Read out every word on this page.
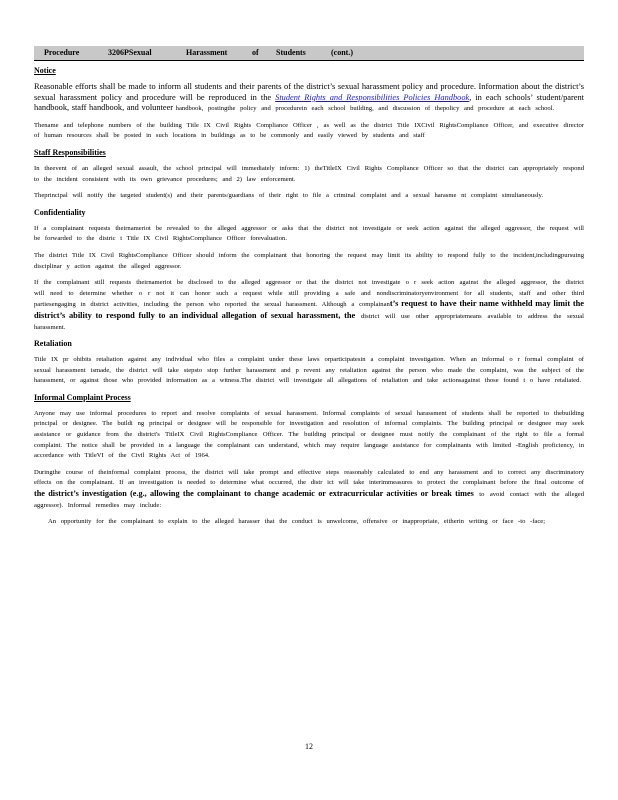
Procedure	3206PSexual	Harassment	of Students	(cont.)
Notice

Reasonable efforts shall be made to inform all students and their parents of the district’s sexual harassment policy and procedure. Information about the district’s sexual harassment policy and procedure will be reproduced in the Student Rights and Responsibilities Policies Handbook, in each schools’ student/parent handbook, staff handbook, and volunteer handbook, postingthe policy and procedurein each school building, and discussion of thepolicy and procedure at each school.

Thename and telephone numbers of the building Title IX Civil Rights Compliance Officer , as well as the district Title IXCivil RightsCompliance Officer, and executive director of human resources shall be posted in such locations in buildings as to be commonly and easily viewed by students and staff

Staff Responsibilities

In theevent of an alleged sexual assault, the school principal will immediately inform: 1) theTitleIX Civil Rights Compliance Officer so that the district can appropriately respond to the incident consistent with its own grievance procedures; and 2) law enforcement.

Theprincipal will notify the targeted student(s) and their parents/guardians of their right to file a criminal complaint and a sexual harasme nt complaint simultaneously.

Confidentiality

If a complainant requests theirnameriot be revealed to the alleged aggressor or asks that the district not investigate or seek action against the alleged aggressor, the request will be forwarded to the distric t Title IX Civil RightsCompliance Officer forevaluation.

The district Title IX Civil RightsCompliance Officer should inform the complainant that honoring the request may limit its ability to respond fully to the incident,includingpursuing disciplinar y action against the alleged aggressor.

If the complainant still requests theirnameriot be disclosed to the alleged aggressor or that the district not investigate o r seek action against the alleged aggressor, the district will need to determine whether o r not it can honor such a request while still providing a safe and nondiscriminatoryenvironment for all students, staff and other third partiesengaging in district activities, including the person who reported the sexual harassment. Although a complainant’s request to have their name withheld may limit the district’s ability to respond fully to an individual allegation of sexual harassment, the district will use other appropriatemeans available to address the sexual harassment.

Retaliation

Title IX pr ohibits retaliation against any individual who files a complaint under these laws orparticipatesin a complaint investigation. When an informal o r formal complaint of sexual harassment ismade, the district will take stepsto stop further harassment and p revent any retaliation against the person who made the complaint, was the subject of the harassment, or against those who provided information as a witness.The district will investigate all allegations of retaliation and take actionsagainst those found t o have retaliated.

Informal Complaint Process

Anyone may use informal procedures to report and resolve complaints of sexual harassment. Informal complaints of sexual harassment of students shall be reported to thebuilding principal or designee. The buildi ng principal or designee will be responsible for investigation and resolution of informal complaints. The building principal or designee may seek assistance or guidance from the district's TitleIX Civil RightsCompliance Officer. The building principal or designee must notify the complainant of the right to file a formal complaint. The notice shall be provided in a language the complainant can understand, which may require language assistance for complainants with limited -English proficiency, in accordance with TitleVI of the Civil Rights Act of 1964.

Duringthe course of theinformal complaint process, the district will take prompt and effective steps reasonably calculated to end any harassment and to correct any discriminatory effects on the complainant. If an investigation is needed to determine what occurred, the distr ict will take interimmeasures to protect the complainant before the final outcome of the district’s investigation (e.g., allowing the complainant to change academic or extracurricular activities or break times to avoid contact with the alleged aggressor). Informal remedies may include:

An opportunity for the complainant to explain to the alleged harasser that the conduct is unwelcome, offensive or inappropriate, eitherin writing or face -to -face;
12
